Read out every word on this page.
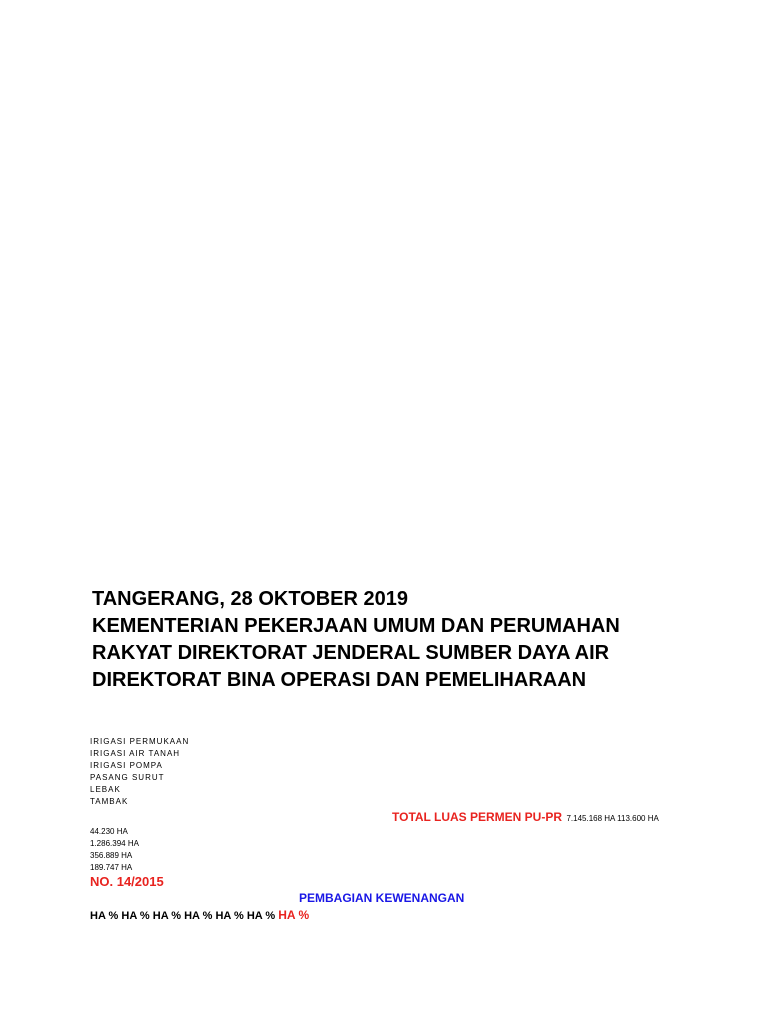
TANGERANG, 28 OKTOBER 2019
KEMENTERIAN PEKERJAAN UMUM DAN PERUMAHAN
RAKYAT DIREKTORAT JENDERAL SUMBER DAYA AIR
DIREKTORAT BINA OPERASI DAN PEMELIHARAAN
IRIGASI PERMUKAAN
IRIGASI AIR TANAH
IRIGASI POMPA
PASANG SURUT
LEBAK
TAMBAK
TOTAL LUAS PERMEN PU-PR 7.145.168 HA 113.600 HA
44.230 HA
1.286.394 HA
356.889 HA
189.747 HA
NO. 14/2015
PEMBAGIAN KEWENANGAN
HA % HA % HA % HA % HA % HA % HA %
